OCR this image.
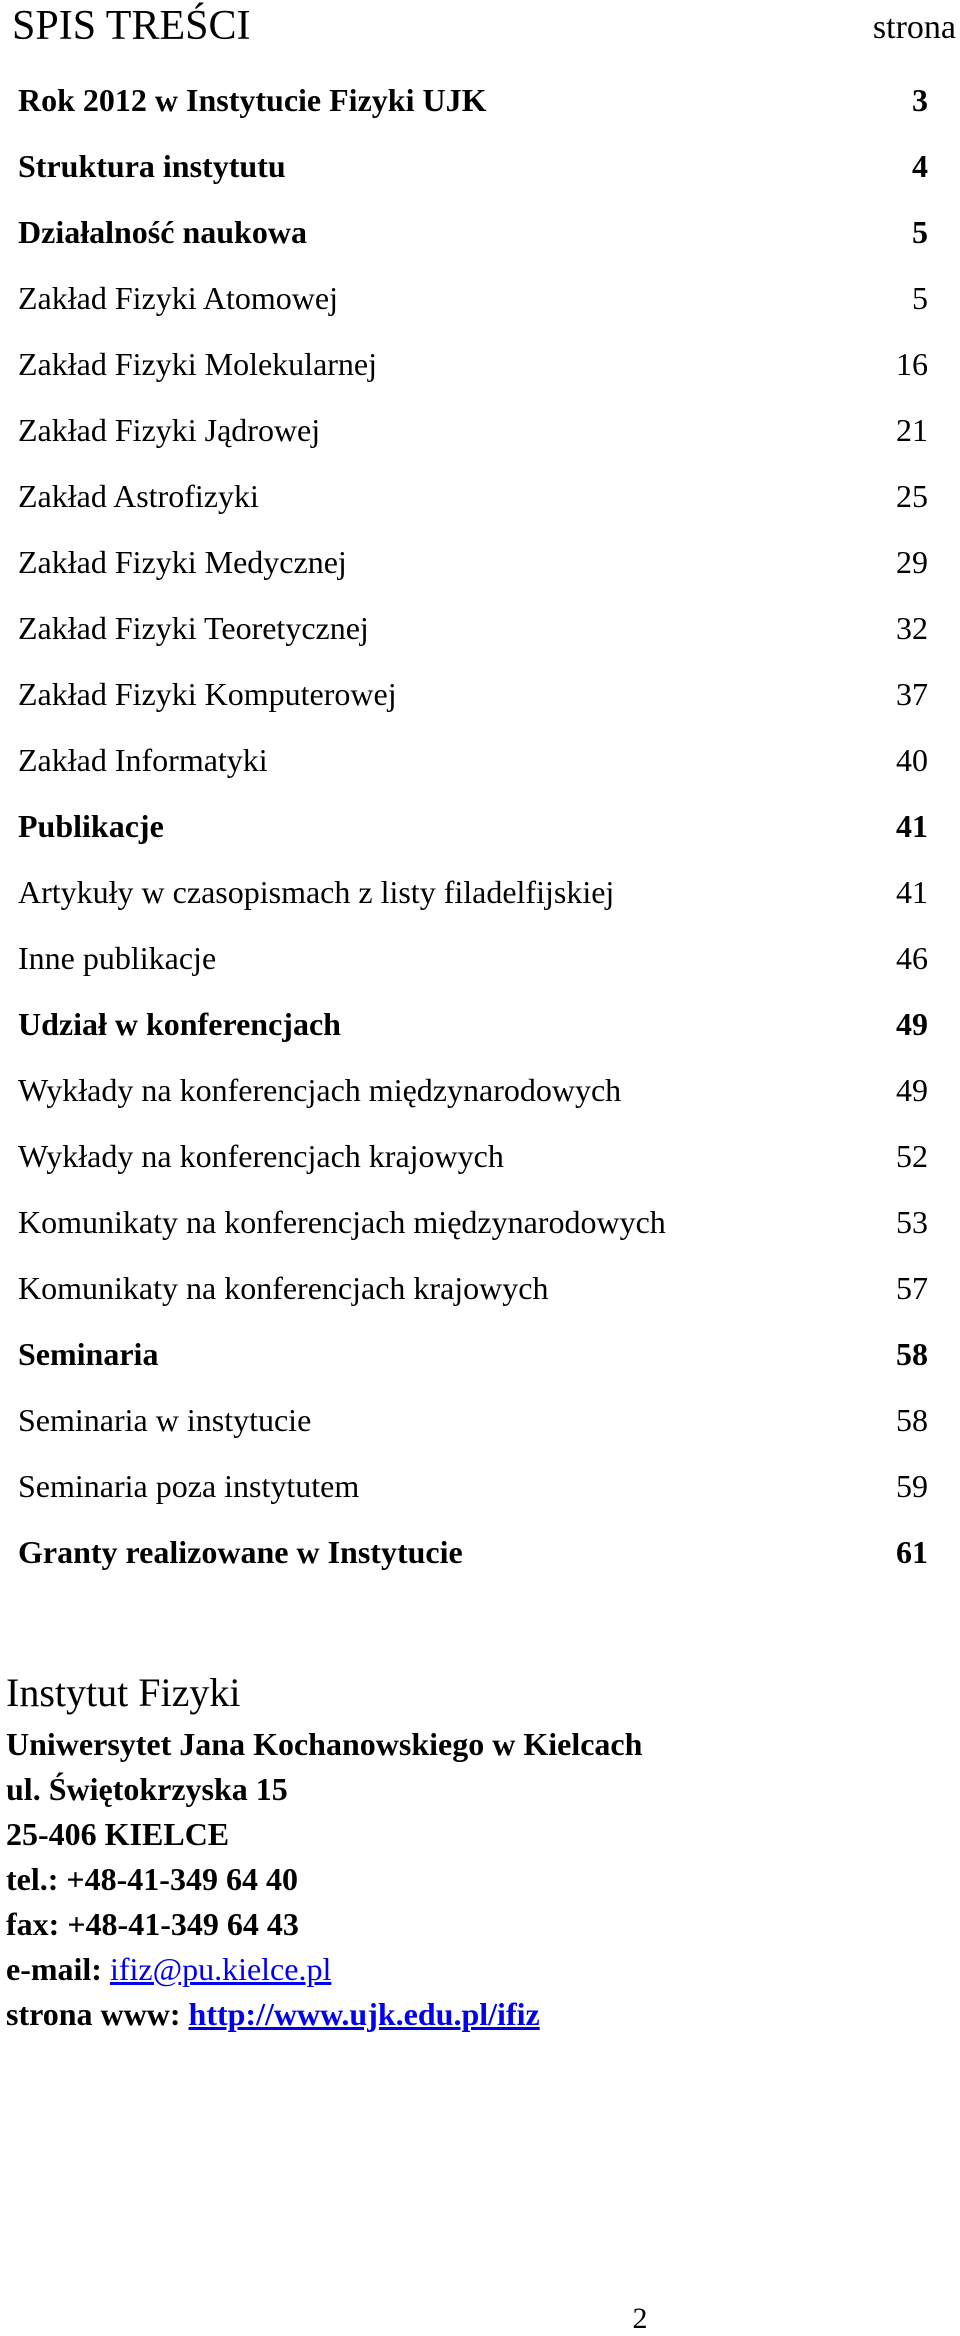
SPIS TREŚCI	strona
Rok 2012 w Instytucie Fizyki UJK	3
Struktura instytutu	4
Działalność naukowa	5
Zakład Fizyki Atomowej	5
Zakład Fizyki Molekularnej	16
Zakład Fizyki Jądrowej	21
Zakład Astrofizyki	25
Zakład Fizyki Medycznej	29
Zakład Fizyki Teoretycznej	32
Zakład Fizyki Komputerowej	37
Zakład Informatyki	40
Publikacje	41
Artykuły w czasopismach z listy filadelfijskiej	41
Inne publikacje	46
Udział w konferencjach	49
Wykłady na konferencjach międzynarodowych	49
Wykłady na konferencjach krajowych	52
Komunikaty na konferencjach międzynarodowych	53
Komunikaty na konferencjach krajowych	57
Seminaria	58
Seminaria w instytucie	58
Seminaria poza instytutem	59
Granty realizowane w Instytucie	61
Instytut Fizyki
Uniwersytet Jana Kochanowskiego w Kielcach
ul. Świętokrzyska 15
25-406 KIELCE
tel.: +48-41-349 64 40
fax: +48-41-349 64 43
e-mail: ifiz@pu.kielce.pl
strona www: http://www.ujk.edu.pl/ifiz
2
